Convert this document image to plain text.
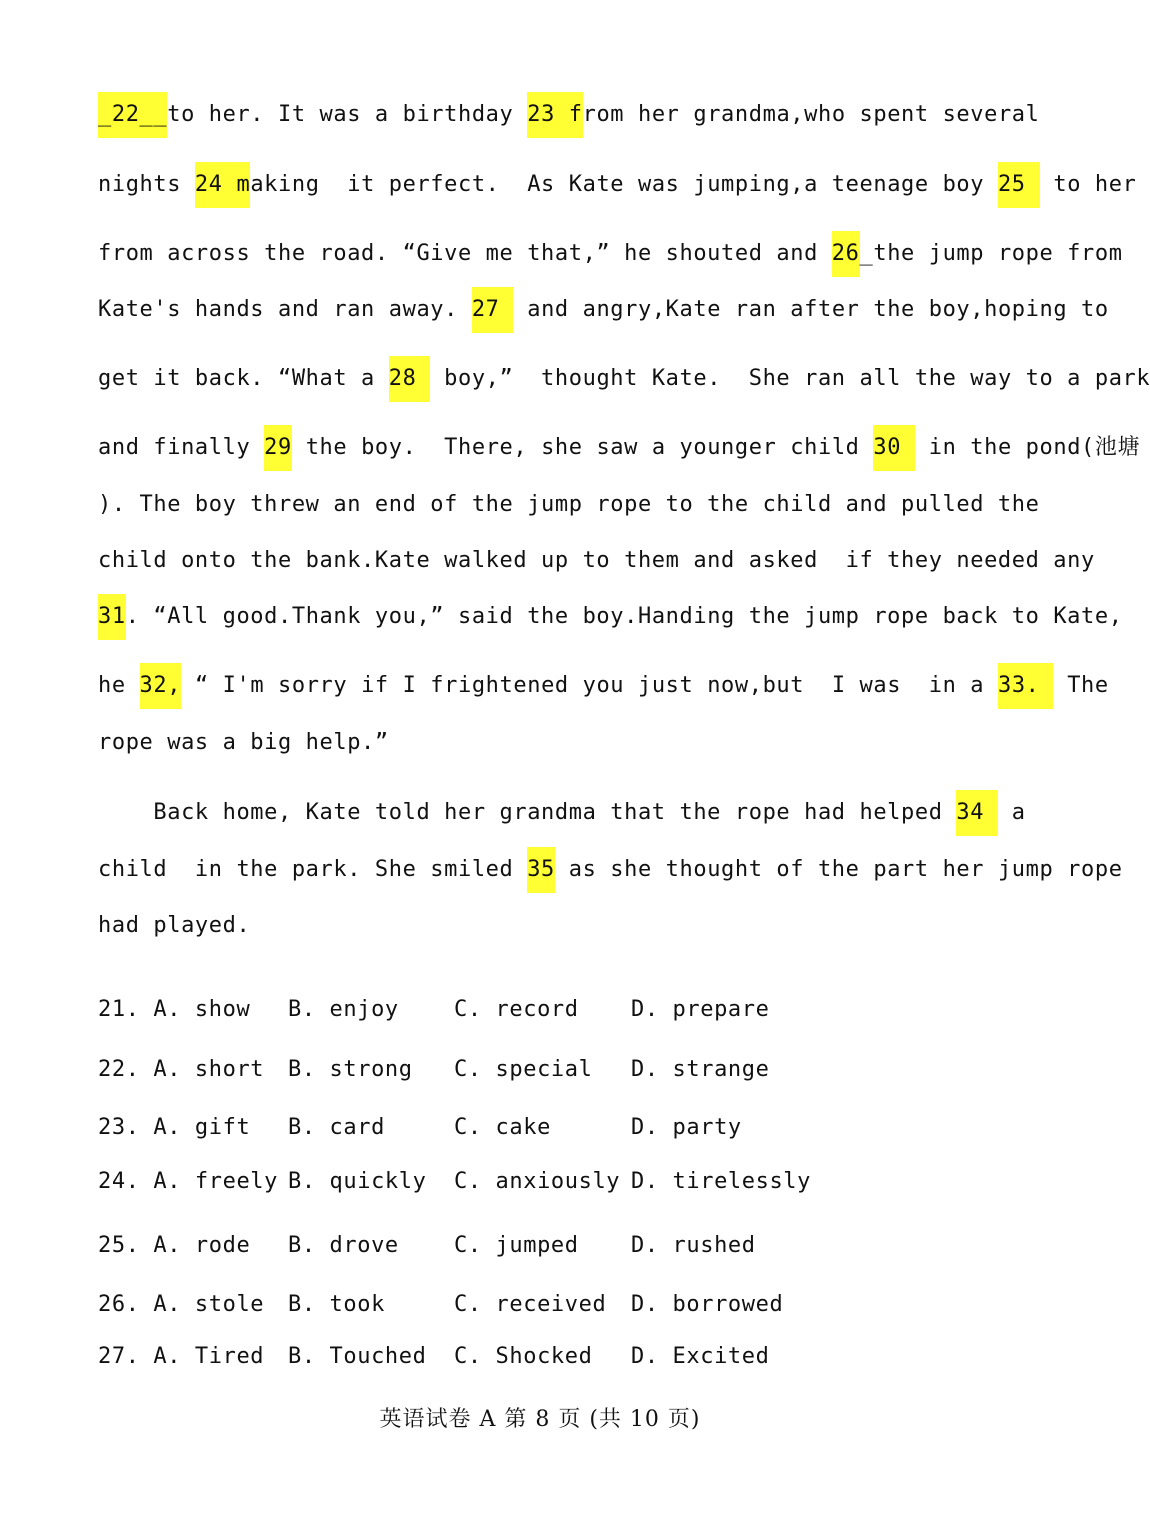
_22__to her. It was a birthday 23 from her grandma,who spent several
nights 24 making  it perfect.  As Kate was jumping,a teenage boy 25  to her
from across the road. “Give me that,” he shouted and 26_the jump rope from
Kate's hands and ran away. 27  and angry,Kate ran after the boy,hoping to
get it back. “What a 28  boy,”  thought Kate.  She ran all the way to a park
and finally 29 the boy.  There, she saw a younger child 30  in the pond(池塘
). The boy threw an end of the jump rope to the child and pulled the
child onto the bank.Kate walked up to them and asked  if they needed any
31. “All good.Thank you,” said the boy.Handing the jump rope back to Kate,
he 32, “ I'm sorry if I frightened you just now,but  I was  in a 33.  The
rope was a big help.”
Back home, Kate told her grandma that the rope had helped 34  a
child  in the park. She smiled 35 as she thought of the part her jump rope
had played.
21. A. show B. enjoy	C. record D. prepare
22. A. short B. strong C. special D. strange
23. A. gift B. card	C. cake	D. party
24. A. freely B. quickly C. anxiously D. tirelessly
25. A. rode B. drove	C. jumped D. rushed
26. A. stole B. took	C. received D. borrowed
27. A. Tired B. Touched C. Shocked D. Excited
英语试卷 A 第 8 页 (共 10 页)
